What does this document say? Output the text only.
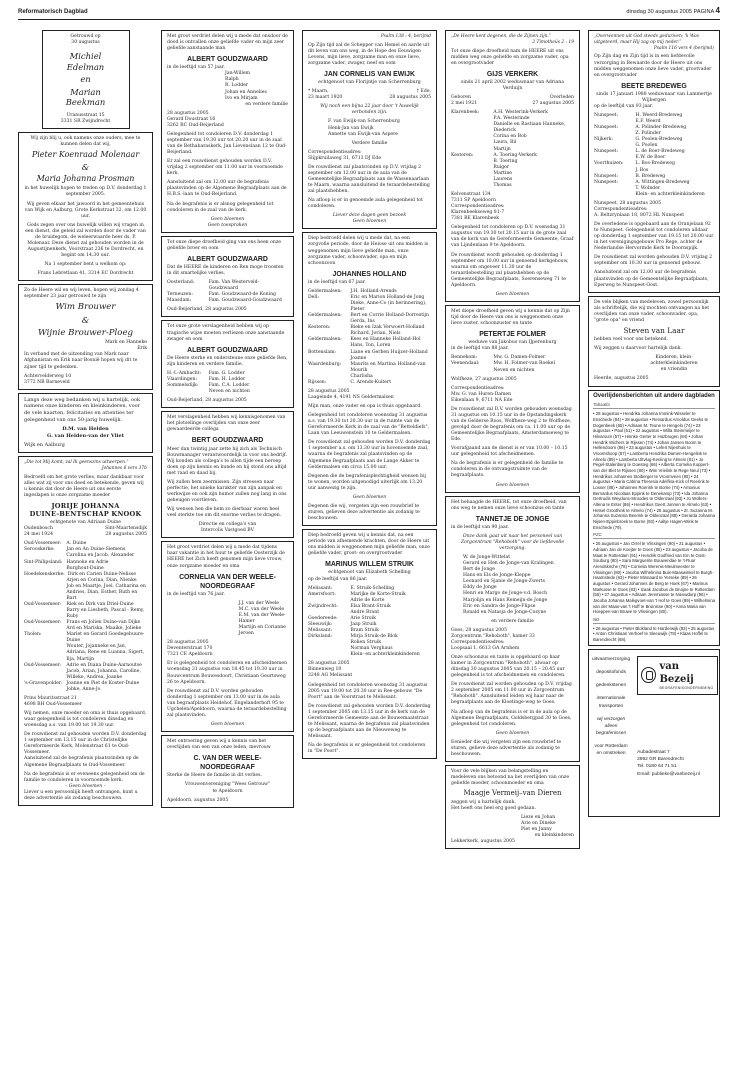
Reformatorisch Dagblad	dinsdag 30 augustus 2005 PAGINA 4
Getrouwd op
30 augustus
Michiel
Edelman
en
Marian
Beekman
Uranusstraat 15
3331 SR Zwijndrecht
Wij zijn blij u, ook namens onze ouders, mee te kunnen delen dat wij,
Pieter Koenraad Molenaar
&
Maria Johanna Prosman
in het huwelijk hopen te treden op D.V. donderdag 1 september 2005.
Wij geven elkaar het jawoord in het gemeentehuis van Wijk en Aalburg, Grote Kerkstraat 32, om 12.00 uur.
Gods zegen over ons huwelijk willen wij vragen in een dienst, die geleid zal worden door de vader van de bruidegom, de weleerwaarde heer ds. P. Molenaar. Deze dienst zal gehouden worden in de Augustijnenkerk, Voorstraat 236 te Dordrecht, en begint om 14.30 uur.
Na 1 september bent u welkom op:
Frans Lebretlaan 41, 3314 EC Dordrecht
Zo de Heere wil en wij leven, hopen wij zondag 4 september 23 jaar getrouwd te zijn
Wim Brouwer
&
Wijnie Brouwer-Ploeg
Mark en Hanneke
Erik
In verband met de uitzending van Mark naar Afghanistan en Erik naar Bosnië hopen wij dit te zijner tijd te gedenken.
Achtervelderweg 10
3772 NB Barneveld
Langs deze weg bedanken wij u hartelijk, ook namens onze kinderen en kleinkinderen, voor de vele kaarten, felicitaties en attenties ter gelegenheid van ons 50-jarig huwelijk.
D.M. van Helden
G. van Helden-van der Vliet
Wijk en Aalburg
„Die tot Mij komt, zal Ik geenszins uitwerpen.”
Johannes 6 vers 37b
Bedroefd om het grote verlies, maar dankbaar voor alles wat zij voor ons deed en betekende, geven wij u kennis dat door de Heere uit ons eerste ingeslapen is onze zorgzame moeder
JORIJE JOHANNA
DUINE-BENTSCHAP KNOOK
echtgenote van Adriaan Duine
Oudenbosch	Sint-Maartensdijk
24 mei 1924	28 augustus 2005
Oud-Vossemeer:	A. Duine
Serooskerke:	Jan en An Duine-Siemens
Carolina en Jacob, Alexander
Sint-Philipsland: Hannoke en Adrie
Burghout-Duine
Hoedekenskerke: Dirk en Carien Duine-Nelisse
Arjen en Corina, Dian, Nienke
Job en Maartje, Joel, Catharina en Andries, Dian, Esther, Ruth en Bart
Oud-Vossemeer:	Riek en Dirk van Driel-Duine
Barry en Liesbeth, Pascal - Remy, Ruby
Oud-Vossemeer:	Frans en Jolien Duine-van Dijke
Ard en Mariska, Maaike, Jolieke
Tholen:	Marlet en Gerard Goedegebuure-Duine
Wouter, Jojanneke en Jan, Adriana, Rene en Luanna, Sigert, Ilja, Martijn
Oud-Vossemeer:	Adrie en Diana Duine-Aarnoutse
Jacob, Arian, Johanna, Caroline, Willeke, Andrea, Joanke
's-Gravenpolder: Joanne en Piet de Koster-Duine
Jobke, Anne-Jo
Prins Mauritsstraat 21
4698 BH Oud-Vossemeer
Wij nemen, onze moeder en oma is thuis opgebaard, waar gelegenheid is tot condoleren dinsdag en woensdag a.s. van 19.00 tot 19.30 uur.
De rouwdienst zal gehouden worden D.V. donderdag 1 september om 13.15 uur in de Christelijke Gereformeerde Kerk, Molenstraat 61 te Oud-Vossemeer.
Aansluitend zal de begrafenis plaatsvinden op de Algemene Begraafplaats te Oud-Vossemeer.
Na de begrafenis is er eveneens gelegenheid om de familie te condoleren in voornoemde kerk.
– Geen bloemen –
Liever u een persoonlijk heeft ontvangen, kunt u deze advertentie als zodanig beschouwen.
Met groot verdriet delen wij u mede dat onsdoor de dood is ontvallen onze geliefde vader en mijn zeer geliefde aanstaande man
ALBERT GOUDZWAARD
in de leeftijd van 57 jaar.
Jan-Willem
Ralph
R. Lodder
Johan en Annelies
Ivo en Mirjam
en verdere familie
28 augustus 2005
Gerard Doustraat 16
3262 RC Oud-Beijerland
Gelegenheid tot condoleren D.V. donderdag 1 september van 19.30 uur tot 20.20 uur in de zaal van de Bethabaraskerk, Jan Lievenslaan 12 te Oud-Beijerland.
Er zal een rouwdienst gehouden worden D.V. vrijdag 2 september om 11.00 uur in voornoemde kerk.
Aansluitend zal om 12.00 uur de begrafenis plaatsvinden op de Algemene Begraafplaats aan de H.B.S.-laan te Oud-Beijerland.
Na de begrafenis is er alsnog gelegenheid tot condoleren in de zaal van de kerk.
Geen bloemen
Geen toespraken
Tot onze diepe droefheid ging van ons heen onze geliefde broer en oom
ALBERT GOUDZWAARD
Dat de HEERE de kinderen en Ren moge troosten in dit smartelijke verlies.
Oosterland:	Fam. Van Westerveld-Goudzwaard
Terneuzen:	Fam. Goudzwaard-de Koning
Maasdam:	Fam. Goudzwaard-Goudzwaard
Oud-Beijerland, 28 augustus 2005
Tot onze grote verslagenheid hebben wij op tragische wijze moeten verliezen onze aanstaande zwager en oom
ALBERT GOUDZWAARD
De Heere sterke en ondersteune onze geliefde Ren, zijn kinderen en verdere familie.
H.-I.-Ambacht:	Fam. G. Lodder
Vlaardingen:	Fam. H. Lodder
Sommelsdijk:	Fam. C.A. Lodder
Neven en nichten
Oud-Beijerland, 28 augustus 2005
Met verslagenheid hebben wij kennisgenomen van het plotselinge overlijden van onze zeer gewaardeerde collega
BERT GOUDZWAARD
Meer dan twintig jaar zette hij zich als Technisch Bouwmanager verantwoordelijk in voor ons bedrijf. Wij konden als collega's te allen tijde een beroep doen op zijn kennis en kunde en hij stond ons altijd met raad en daad bij.
Wij zullen hem zeermissen. Zijn stressen naar perfectie, het unieke karakter van zijn aanpak en werkwijze en ook zijn humor zullen nog lang in ons geheugen voortleven.
Wij wensen hen die hem zo dierbaar waren heel veel sterkte toe om dit enorme verlies te dragen.
Directie en collega's van
Intercolis Vastgoed BV
Het groot verdriet delen wij u mede dat tijdens haar vakantie in het huur te geliefde Oosterzijk de HEERE het Zich heeft genomen mijn lieve vrouw, onze zorgzame moeder en oma
CORNELIA VAN DER WEELE-
NOORDEGRAAF
in de leeftijd van 76 jaar.
J.J. van der Weele
M.C. van der Weele
E.M. van der Weele-Hamer
Martijn en Corianne
Jeroen
28 augustus 2005
Deventerstraat 170
7321 CE Apeldoorn
Er is gelegenheid tot condoleren en afscheidnemen woensdag 31 augustus van 18.45 tot 19.30 uur in Rouwcentrum Bouwesdoort, Christiaan Geurtsweg 26 te Apeldoorn.
De rouwdienst zal D.V. worden gehouden donderdag 1 september om 13.00 uur in de aula van begraafplaats Heidehof, Engelanderhoft 95 te Ugchelen/Apeldoorn, waarna de teraardebestelling zal plaatsvinden.
Geen bloemen
Met ontroering geven wij u kennis van het overlijden van een van onze leden, mevrouw
C. VAN DER WEELE-
NOORDEGRAAF
Sterke de Heere de familie in dit verlies.
Vrouwenvereniging "Wees Getrouw"
te Apeldoorn
Apeldoorn, augustus 2005
Psalm 138 : 4, berijmd
Op Zijn tijd zal de Schepper van Hemel en aarde uit dit leven van ons weg, in de Hope des Eeuwigen Levens, mijn lieve, zorgzame man en onze lieve, zorgzame vader, zwager, neef en oom
JAN CORNELIS VAN EWIJK
echtgenoot van Florijntje van Scherrenburg
* Maarn,	† Ede,
23 maart 1920	28 augustus 2005
Wij noch een bijna 22 jaar door 't huwelijk verbonden zijn.
F. van Ewijk-van Scherrenburg
Henk-Jan van Ewijk
Annette van Ewijk-van Aspere
Verdere familie
Correspondentieadres:
Slijpkruilaweg 31, 6713 DJ Ede
De rouwdienst zal plaatsvinden op D.V. vrijdag 2 september om 12.00 uur in de aula van de Gemeentelijke Begraafplaats aan de Wassenaarlaan te Maarn, waarna aansluitend de teraardebestelling zal plaatshebben.
Na afloop is er in genoemde aula gelegenheid tot condoleren.
Liever deze dagen geen bezoek
Geen bloemen
Diep bedroefd delen wij u mede dat, na een zorgvolle periode, door de Heiose uit ons midden is weggenomen mijn lieve geliefde man, onze zorgzame vader, schoonvader, opa en mijn schoonzoon
JOHANNES HOLLAND
in de leeftijd van 67 jaar.
Geldermalsen:	J.H. Holland-Arends
Dell:	Eric en Marion Holland-de Jong
Dieke, Anne-Co (in herinnering), Pieter
Geldermalsen:	Bert en Corrie Holland-Dorrestijn
Gerda, Ins
Kesteren:	Bieke en Izak Verwoert-Holland
Richard, Jorian, Niels
Geldermalsen:	Kees en Hanneke Holland-Hol
Hans, Ton, Loren
Bottenslam:	Liane en Gerben Huijzer-Holland
Joanne
Waardenburg:	Maurits en Martina Holland-van Mourik
Charlisha
Rijssen:	C. Arends-Kuitert
28 augustus 2005
Laageinde 4, 4191 NS Geldermalsen
Mijn man, onze vader en opa is thuis opgebaard.
Gelegenheid tot condoleren woensdag 31 augustus a.s. van 19.30 tot 20.30 uur in de ruimte van de Gereformeerde Kerk in de zaal van de "Betteldiefs", Laan van Leeuwenstein 10 te Geldermalsen.
De rouwdienst zal gehouden worden D.V. donderdag 1 september a.s. om 13.30 uur in hovenoemde zaal, waarna de begrafenis zal plaatsvinden op de Algemene Begraafplaats aan de Lange Akker te Geldermalsen om circa 15.00 uur.
Degenen die de begrafenisplechtigheid wensen bij te wonen, worden uitgenodigd uiterlijk om 13.20 uur aanwezig te zijn.
Geen bloemen
Degenen die wij, vergeten zijn een rouwbrief te sturen, gelieven deze advertentie als zodanig te beschouwen.
Diep bedroefd geven wij u kennis dat, na een periode van afnemende krachten, door de Heere uit ons midden is weggenomen mijn geliefde man, onze geliefde vader, groot- en overgrootvader
MARINUS WILLEM STRUIK
echtgenoot van Elizabeth Schelling
op de leeftijd van 86 jaar.
Melissant:	E. Struik-Schelling
Amersfoort:	Marijke de Korte-Struik
Adrie de Korte
Zwijndrecht:	Elsa Brant-Struik
Andre Brant
Goedereede:	Arie Struik
Sleeuwijk:	Jaap Struik
Melissant:	Bram Struik
Dirksland:	Mirja Struik-de Blok
Rolien Struik
Norman Verghaus
Klein- en achterkleinkinderen
28 augustus 2005
Binnenweg 10
3248 AG Melissant
Gelegenheid tot condoleren woensdag 31 augustus 2005 van 19.00 tot 20.30 uur in Ree-gebouw "De Poort" aan de Voorstraat te Melissant.
De rouwdienst zal gehouden worden D.V. donderdag 1 september 2005 om 13.15 uur in de kerk van de Gereformeerde Gemeente aan de Bouwemaatstraat te Melissant, waarna de begrafenis zal plaatsvinden op de begraafplaats aan de Nieuweweg te Melissant.
Na de begrafenis is er gelegenheid tot condoleren in "De Poort".
„De Heere kent degenen, die de Zijnen zijn.”
2 Timotheüs 2 : 19
Tot onze diepe droefheid nam de HEERE uit ons midden weg onze geliefde en zorgzame vader, opa en overgrootvader
GIJS VERKERK
sinds 21 april 2002 weduwnaar van Adriana Verduijn
Geboren	Overleden
2 mei 1921	27 augustus 2005
Klarenbeek:	A.H. Westerink-Verkerk
P.A. Westerinde
Danielle en Bastiaan Hanneke, Diederick
Corina en Bob
Laura, Bil
Martijn
Kesteren:	A. Toering-Verkerk
B. Toering
Ruiger
Martine
Laurens
Thomas
Kelvenstraat 134
7311 SP Apeldoorn
Correspondentieadres:
Klarenbeekseweg 81-7
7381 BE Klarenbeek
Gelegenheid tot condoleren op D.V. woensdag 31 augustus van 19.30 tot 20.15 uur in de grote zaal van de kerk van de Gereformeerde Gemeente, Graaf van Lijndenlaan 9 te Apeldoorn.
De rouwdienst wordt gehouden op donderdag 1 september om 10.00 uur in genoemd kerkgebouw, waarna om ongeveer 11.30 uur de teraardebestelling zal plaatshebben op de Gemeentelijke Begraafplaats, Soerenseweg 71 te Apeldoorn.
Geen bloemen
Met diepe droefheid geven wij u kennis dat op Zijn tijd door de Heere van ons is weggenomen onze lieve zuster, schoonzuster en tante
PETERTJE FOLMER
weduwe van Jakobus van IJperenburg
in de leeftijd van 88 jaar.
Bennekom:	Mw. G. Damen-Folmer
Veenendaal:	Mw. H. Folmer-van Roekel
Neven en nichten
Wolfheze, 27 augustus 2005
Correspondentieadres:
Mw. G. van Huren-Damen
Eikenlaan 9, 6711 NA Ede
De rouwdienst zal D.V. worden gehouden woensdag 31 augustus om 10.15 uur in de Opstandingskerk van de Gelderse Roos, Wolfheze-weg 2 te Wolfheze, gevolgd door de begrafenis om ca. 11.00 uur op de Gemeentelijke Begraafplaats, Amsterdamseweg te Ede.
Voorafgaand aan de dienst is er van 10.00 – 10.15 uur gelegenheid tot afscheidnemen.
Na de begrafenis is er gelegenheid de familie te condoleren in de ontvangstruimte van de begraafplaats.
Geen bloemen
Het behaagde de HEERE, tot onze droefheid, van ons weg te nemen onze lieve schoonzus en tante
TANNETJE DE JONGE
in de leeftijd van 90 jaar.
Onze dank gaat uit naar het personeel van Zorgcentrum "Rehoboth" voor de liefdevolle verzorging.
W. de Jonge-Wittelat
Gerard en Hen de Jonge-van Kralingen
Bert de Jonge
Hans en Els de Jonge-Kleppe
Leonard en Sjanie de Jonge-Zwerts
Eddy de Jonge
Henri en Margo de Jonge-v.d. Bosch
Marjolijn en Hans Remeijn-de Jonge
Eric en Sandra de Jonge-Flipse
Ronald en Natasja de Jonge-Cozyne
en verdere familie
Goes, 28 augustus 2005
Zorgcentrum "Rehoboth", kamer 33
Correspondentieadres:
Loopsaal 1, 6613 GA Arnhem
Onze schoonzus en tante is opgebaard op haar kamer in Zorgcentrum "Rehoboth", alwaar op dinsdag 30 augustus 2005 van 20.15 – 20.45 uur gelegenheid is tot afscheidnemen en condoleren.
De rouwdienst zal worden gehouden op D.V. vrijdag 2 september 2005 om 11.00 uur in Zorgcentrum "Rehoboth". Aansluitend leiden wij haar naar de begraafplaats aan de Kloetinge-weg te Goes.
Na afloop van de begrafenis is er in de aula op de Algemene Begraafplaats, Goldsbergpad 30 te Goes, gelegenheid tot condoleren.
Geen bloemen
Eenieder die wij vergeten zijn een rouwbrief te sturen, gelieve deze advertentie als zodanig te beschouwen.
Voor de vele blijken van belangstelling en medeleven ons betoond na het overlijden van onze geliefde moeder, schoonmoeder en oma
Maagje Vermeij–van Dieren
zeggen wij u hartelijk dank.
Het heeft ons heel erg goed gedaan.
Lieze en Johan
Arie en Dineke
Piet en Janny
en kleinkinderen
Lekkerkerk, augustus 2005
„Overwonnen uit God steeds geduriven; 'k Was uitgeteerd, maar Hij zag op mij neder.”
Psalm 116 vers 4 (berijmd)
Op Zijn dag en Zijn tijd is in een liefdevolle verzorging in Bewaarde door de Heere uit ons midden weggenomen onze lieve vader, grootvader en overgrootvader
BEETE BREDEWEG
sinds 17 januari 1988 weduwnaar van Lammertje Wijbergen
op de leeftijd van 93 jaar.
Nunspeet:	H. Weerd-Bredeweg
E.F. Weerd
Nunspeet:	A. Polinder-Bredeweg
Z. Polinder
Nijkerk:	G. Poolen-Bredeweg
G. Poolen
Nunspeet:	L. de Boer-Bredeweg
E.W. de Boer
Voorthuizen:	L. Bos-Bredeweg
J. Bos
Nunspeet:	B. Bredeweg
Nunspeet:	A. Wittingen-Bredeweg
T. Wolnder
Klein- en achterkleinkinderen
Nunspeet, 28 augustus 2005
Correspondentieadres:
A. Beltzrynlaan 18, 8072 HL Nunspeet
De overledene is opgebaard aan de Oranjelaan 92 te Nunspeet. Gelegenheid tot condoleren alldaar op donderdag 1 september van 19.15 tot 20.00 uur in het verenigingsgebouw Pro Rege, achter de Nederlandse Hervormde Kerk te Doornspijk.
De rouwdienst zal worden gehouden D.V. vrijdag 2 september om 10.30 uur in genoemd gebouw.
Aansluitend zal om 12.00 uur de begrafenis plaatsvinden op de Gemeentelijke Begraafplaats, Eperweg te Nunspeet-Oost.
De vele blijken van medeleven, zowel persoonlijk als schriftelijk, die wij mochten ontvangen na het overlijden van onze vader, schoonvader, opa, "grote opa" en vriend
Steven van Laar
hebben veel voor ons betekend.
Wij zeggen u daarvoor hartelijk dank.
Kinderen, klein-
achterkleinkinderen
en vriendin
Heerde, augustus 2005
Overlijdensberichten uit andere dagbladen
Tabaatla
• 28 augustus • Hendrika Johanna Immink-Wisseler te Enschede (84) • 28 augustus • Reinardus Arnoldus Geeks te Dogenbeek (65) • Adriaan M. Teune te Hengelo (74) • 23 augustus • Paul (51) • 22 augustus • Willa Steinmeijer te Hilvarsum (57) • Hinnke Gerter te Hazbrugen (84) • Johan Hendrik Wichers te Rijssen (74) • Johan Jansen Boom te Hellendoorn (86) • 23 augustus • Lefert Nijenhuis te Vroomshoop (87) • Lamberta Hendrika Damen-Hengelink te Almelo (89) • Lamberta Ultvlug-Keniing te Almelo (81) • Jo Pegel-Stalenberg te Goesteg (66) • Alberta Cornelia Koppert-van der Blet te Rijssen (80) • Wim Vrielink te Rege Neul (73) • Hendrikus Johannes Stoiberger te Vroomveen (85) • 24 augustus • Maria Catrina Theresia Adelfina-Kick of Roerink te Losser (88) • Johannes Roerink te Borne (74) • Antonius Bernardus Nicolaas Eppink te Denekamp (73) • Ida Johanna Gertrudis Weyduns-Stroodes te Oldenzaal (93) • Jo Wollers-Altena te Enter (86) • Hendrikus Geert Jonnen te Almelo (63) • Hetsel Groothink te Almelo (74) • 25 augustus • Zr. Suzanna M. Johanna Suzanna Beerink te Oldenzaal (88) • Gerarda Johanna Nijsen-Eppinbroek te Borne (93) • Aaltje Hagen-Wink te Enschede (79).
PZC
• 25 augustus • Jan Orrel te Vlissingen (90) • 21 augustus • Adriaan Jan de Koejter te Goes (85) • 23 augustus • Jacoba de Maat te Rotterdam (91) • Hendrik Godfried van Em te Oost-Souburg (80) • Sara Marguerite Bouwendae te 't-Ruar Arendskirche (78) • Cornelia Werenis-Meulmeester te Vlissingen (80) • Jacoba Wilhelmina Buis-Maaswinkel te Burgh-Haamstede (63) • Pieter Minnaard te Yerseke (89) • 26 augustus • Gerard Johannes de Berg te Hoek (67) • Marinus Markusse te Goes (83) • Izaak Jacobus de Bruijne te Rotterdam (55) • 27 augustus • Adriaan Jeremiasse te Nieuwdorp (96) • Jacoba Johanna Malegvoet-van 't Hof te Goes (89) • Wilhelmina van der Maas-van 't Hoff te Bruinisse (90) • Anna Maria van Hoeppen-van Bruwe te Vlissingen (80).
ND
• 26 augustus • Pieter Blokland te Harderwijk (83) • 25 augustus • Anton Christiaan Verhoef te Sleeuwijk (78) • Klaas Hoffel te Barendrecht (68).
uitvaartverzorging
depositofonds
gedenkstenen
internationale
transporten
wij verzorgen
alleen begrafenissen
voor Rotterdam
en omstreken
van Bezeij
BEGRAFENISONDERNEMING
Aubadestraat 7
2992 GR Barendrecht
Tel. 0180 64 71 51
Email: publieke@vanbezeij.nl
